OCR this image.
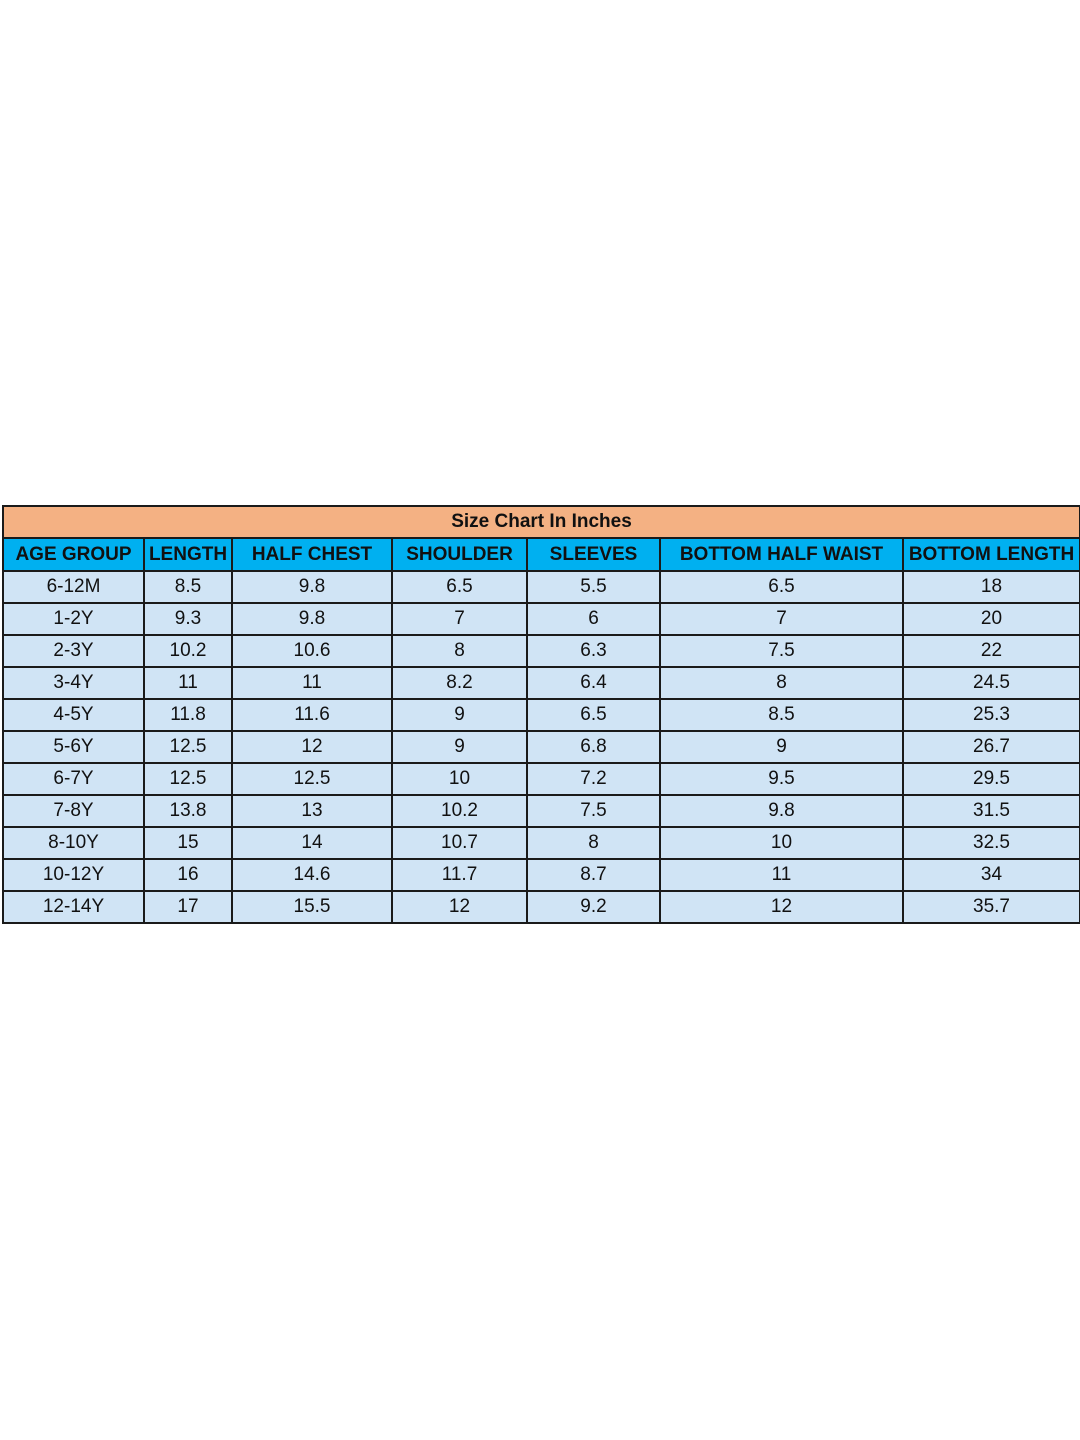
Size Chart In Inches						
AGE GROUP	LENGTH	HALF CHEST	SHOULDER	SLEEVES	BOTTOM HALF WAIST	BOTTOM LENGTH
6-12M	8.5	9.8	6.5	5.5	6.5	18
1-2Y	9.3	9.8	7	6	7	20
2-3Y	10.2	10.6	8	6.3	7.5	22
3-4Y	11	11	8.2	6.4	8	24.5
4-5Y	11.8	11.6	9	6.5	8.5	25.3
5-6Y	12.5	12	9	6.8	9	26.7
6-7Y	12.5	12.5	10	7.2	9.5	29.5
7-8Y	13.8	13	10.2	7.5	9.8	31.5
8-10Y	15	14	10.7	8	10	32.5
10-12Y	16	14.6	11.7	8.7	11	34
12-14Y	17	15.5	12	9.2	12	35.7
